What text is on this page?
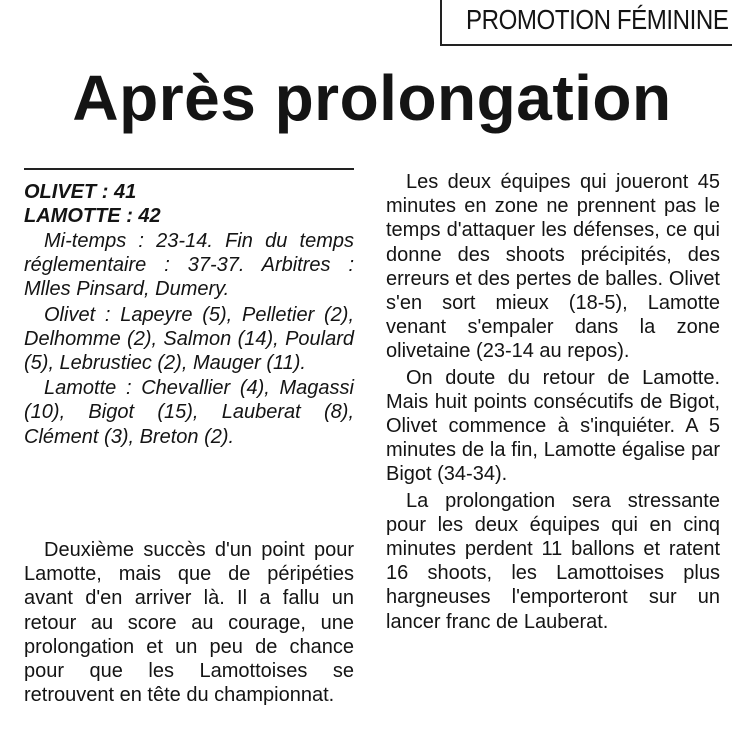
PROMOTION FÉMININE
Après prolongation
OLIVET : 41
LAMOTTE : 42

Mi-temps : 23-14. Fin du temps réglementaire : 37-37. Arbitres : Mlles Pinsard, Dumery.

Olivet : Lapeyre (5), Pelletier (2), Delhomme (2), Salmon (14), Poulard (5), Lebrustiec (2), Mauger (11).

Lamotte : Chevallier (4), Magassi (10), Bigot (15), Lauberat (8), Clément (3), Breton (2).

Deuxième succès d'un point pour Lamotte, mais que de péripéties avant d'en arriver là. Il a fallu un retour au score au courage, une prolongation et un peu de chance pour que les Lamottoises se retrouvent en tête du championnat.

Les deux équipes qui joueront 45 minutes en zone ne prennent pas le temps d'attaquer les défenses, ce qui donne des shoots précipités, des erreurs et des pertes de balles. Olivet s'en sort mieux (18-5), Lamotte venant s'empaler dans la zone olivetaine (23-14 au repos).

On doute du retour de Lamotte. Mais huit points consécutifs de Bigot, Olivet commence à s'inquiéter. A 5 minutes de la fin, Lamotte égalise par Bigot (34-34).

La prolongation sera stressante pour les deux équipes qui en cinq minutes perdent 11 ballons et ratent 16 shoots, les Lamottoises plus hargneuses l'emporteront sur un lancer franc de Lauberat.
